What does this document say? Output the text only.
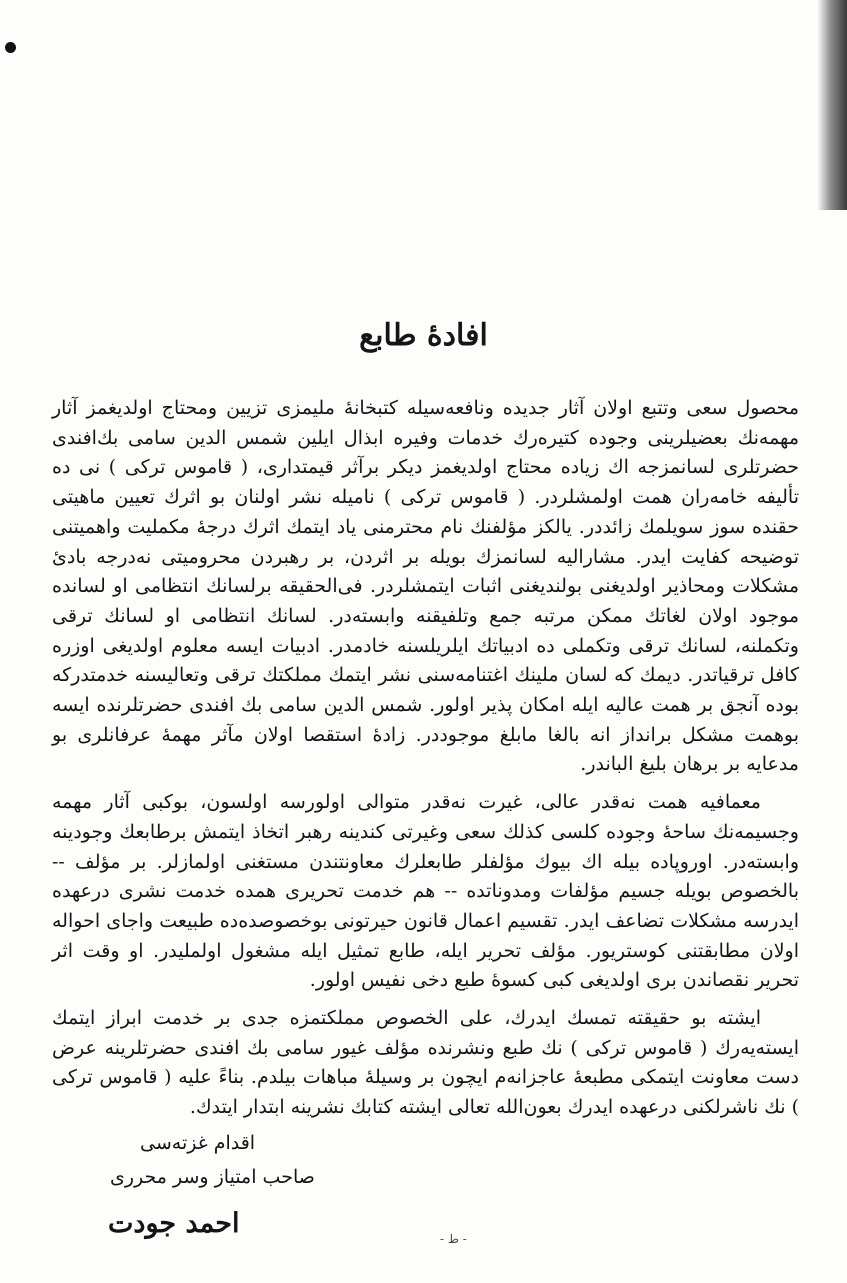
افادۀ طابع

محصول سعی وتتبع اولان آثار جدیده ونافعه‌سیله کتبخانۀ ملیمزی تزیین ومحتاج اولدیغمز آثار مهمه‌نك بعضیلرینی وجوده کتیره‌رك خدمات وفیره ابذال ایلین شمس الدین سامی بك‌افندی حضرتلری لسانمزجه اك زیاده محتاج اولدیغمز دیکر برآثر قیمتداری، ( قاموس ترکی ) نی ده تألیفه خامه‌ران همت اولمشلردر. ( قاموس ترکی ) نامیله نشر اولنان بو اثرك تعیین ماهیتی حقنده سوز سویلمك زائددر. یالکز مؤلفنك نام محترمنی یاد ایتمك اثرك درجۀ مکملیت واهمیتنی توضیحه کفایت ایدر. مشارالیه لسانمزك بویله بر اثردن، بر رهبردن محرومیتی نه‌درجه بادئ مشکلات ومحاذیر اولدیغنی بولندیغنی اثبات ایتمشلردر. فی‌الحقیقه برلسانك انتظامی او لسانده موجود اولان لغاتك ممکن مرتبه جمع وتلفیقنه وابسته‌در. لسانك انتظامی او لسانك ترقی وتکملنه، لسانك ترقی وتکملی ده ادبیاتك ایلریلسنه خادمدر. ادبیات ایسه معلوم اولدیغی اوزره کافل ترقیاتدر. دیمك که لسان ملینك اغتنامه‌سنی نشر ایتمك مملکتك ترقی وتعالیسنه خدمتدرکه بوده آنجق بر همت عالیه ایله امکان پذیر اولور. شمس الدین سامی بك افندی حضرتلرنده ایسه بوهمت مشکل برانداز انه بالغا مابلغ موجوددر. زادۀ استقصا اولان مآثر مهمۀ عرفانلری بو مدعایه بر برهان بلیغ الباندر.

معمافیه همت نه‌قدر عالی، غیرت نه‌قدر متوالی اولورسه اولسون، بوکبی آثار مهمه وجسیمه‌نك ساحۀ وجوده کلسی کذلك سعی وغیرتی کندینه رهبر اتخاذ ایتمش برطابعك وجودینه وابسته‌در. اوروپاده بیله اك بیوك مؤلفلر طابعلرك معاونتندن مستغنی اولمازلر. بر مؤلف -- بالخصوص بویله جسیم مؤلفات ومدوناتده -- هم خدمت تحریری همده خدمت نشری درعهده ایدرسه مشکلات تضاعف ایدر. تقسیم اعمال قانون حیرتونی بوخصوصده‌ده طبیعت واجای احواله اولان مطابقتنی کوستریور. مؤلف تحریر ایله، طابع تمثیل ایله مشغول اولملیدر. او وقت اثر تحریر نقصاندن بری اولدیغی کبی کسوۀ طبع دخی نفیس اولور.

ایشته بو حقیقته تمسك ایدرك، علی الخصوص مملکتمزه جدی بر خدمت ابراز ایتمك ایسته‌یه‌رك ( قاموس ترکی ) نك طبع ونشرنده مؤلف غیور سامی بك افندی حضرتلرینه عرض دست معاونت ایتمکی مطبعۀ عاجزانه‌م ایچون بر وسیلۀ مباهات بیلدم. بناءً علیه ( قاموس ترکی ) نك ناشرلکنی درعهده ایدرك بعون‌الله تعالی ایشته کتابك نشرینه ابتدار ایتدك.

اقدام غزته‌سی
صاحب امتیاز وسر محرری
احمد جودت	- ط -
